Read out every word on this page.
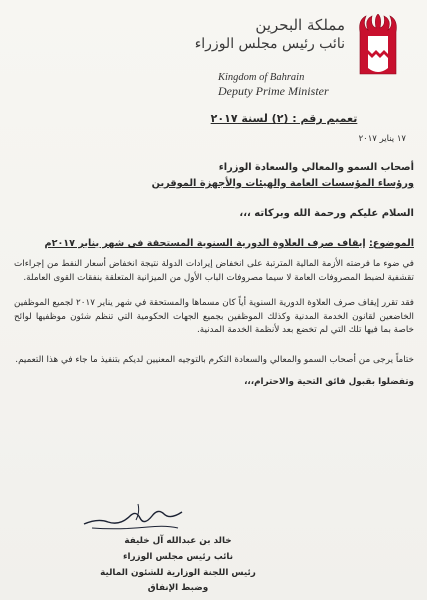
مملكة البحرين
نائب رئيس مجلس الوزراء
Kingdom of Bahrain
Deputy Prime Minister
تعميم رقم : (٢) لسنة ٢٠١٧
١٧ يناير ٢٠١٧
أصحاب السمو والمعالي والسعادة الوزراء
ورؤساء المؤسسات العامة والهيئات والأجهزة الموقرين
السلام عليكم ورحمة الله وبركاته ،،،
الموضوع: إيقاف صرف العلاوة الدورية السنوية المستحقة في شهر يناير ٢٠١٧م
في ضوء ما فرضته الأزمة المالية المترتبة على انخفاض إيرادات الدولة نتيجة انخفاض أسعار النفط من إجراءات تقشفية لضبط المصروفات العامة لا سيما مصروفات الباب الأول من الميزانية المتعلقة بنفقات القوى العاملة.
فقد تقرر إيقاف صرف العلاوة الدورية السنوية أياً كان مسماها والمستحقة في شهر يناير ٢٠١٧ لجميع الموظفين الخاضعين لقانون الخدمة المدنية وكذلك الموظفين بجميع الجهات الحكومية التي تنظم شئون موظفيها لوائح خاصة بما فيها تلك التي لم تخضع بعد لأنظمة الخدمة المدنية.
ختاماً يرجى من أصحاب السمو والمعالي والسعادة التكرم بالتوجيه المعنيين لديكم بتنفيذ ما جاء في هذا التعميم.
وتفضلوا بقبول فائق التحية والاحترام،،،
خالد بن عبدالله آل خليفة
نائب رئيس مجلس الوزراء
رئيس اللجنة الوزارية للشئون المالية وضبط الإنفاق
